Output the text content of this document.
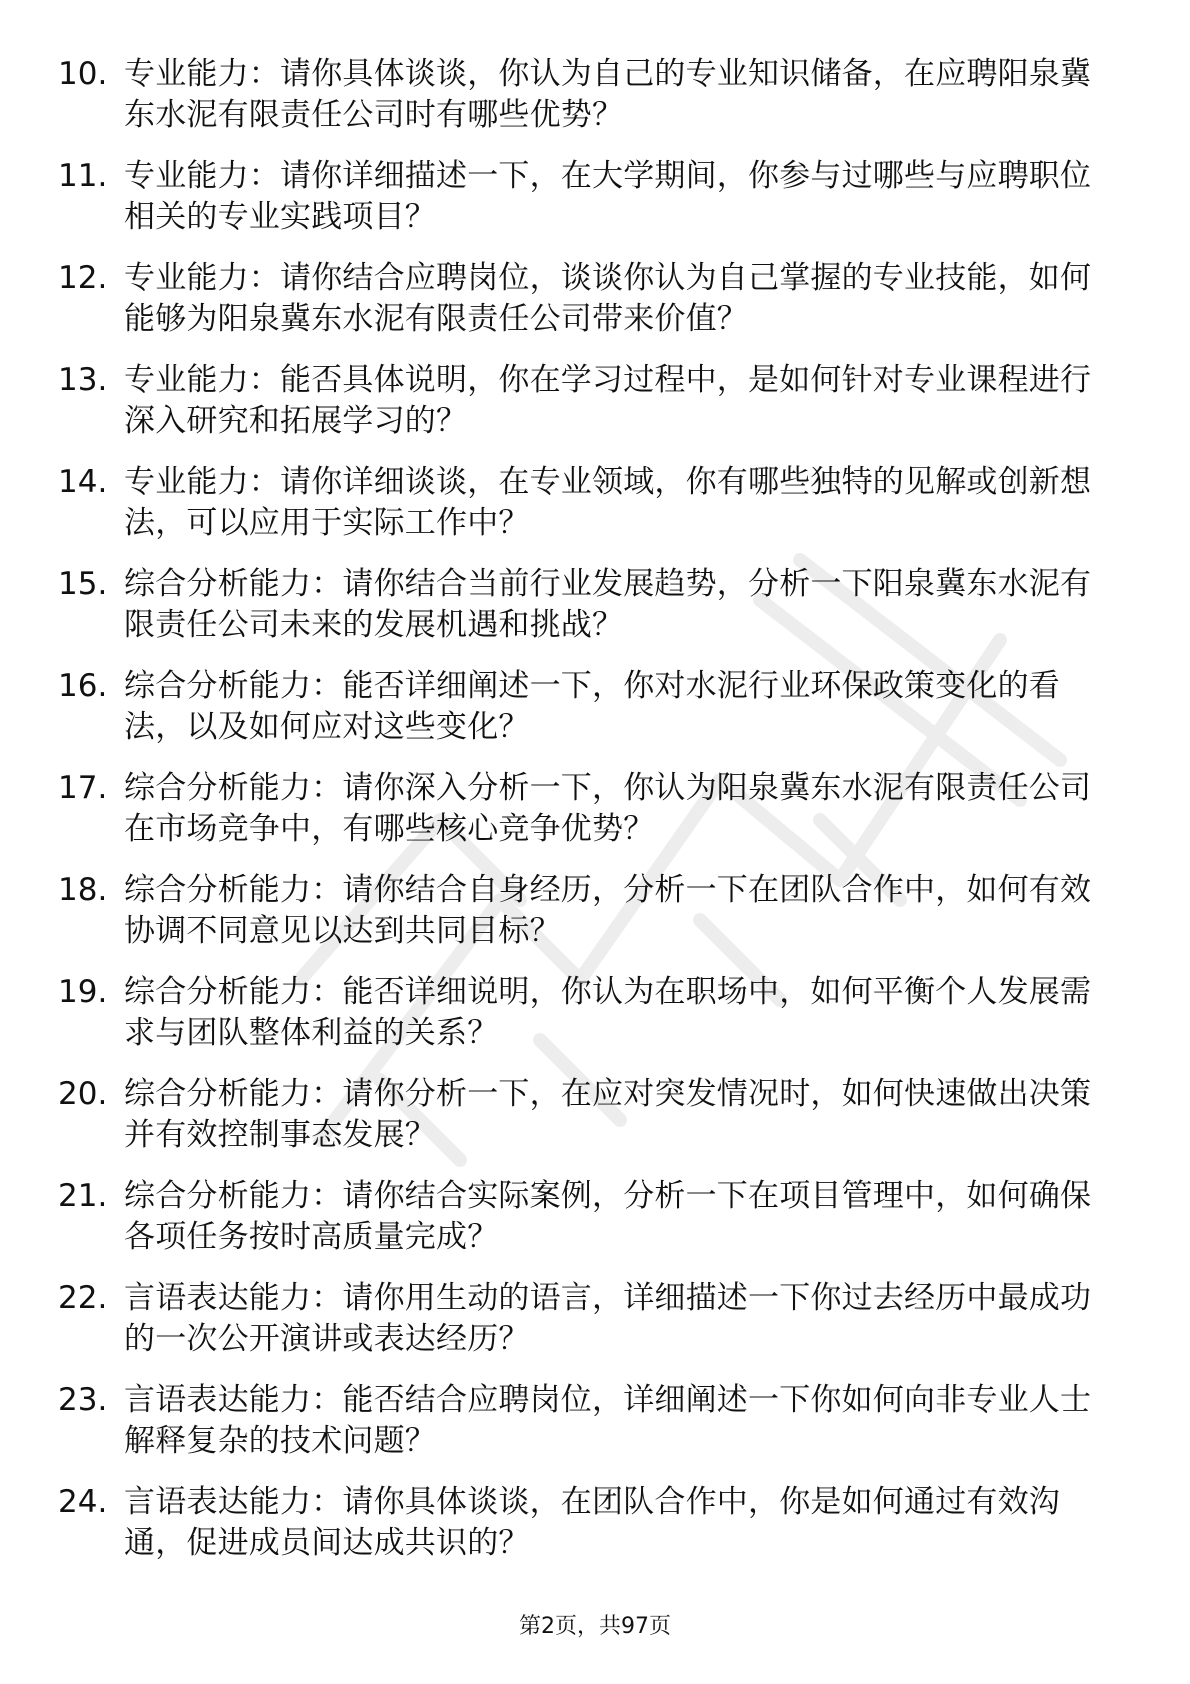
10. 专业能力：请你具体谈谈，你认为自己的专业知识储备，在应聘阳泉冀东水泥有限责任公司时有哪些优势？
11. 专业能力：请你详细描述一下，在大学期间，你参与过哪些与应聘职位相关的专业实践项目？
12. 专业能力：请你结合应聘岗位，谈谈你认为自己掌握的专业技能，如何能够为阳泉冀东水泥有限责任公司带来价值？
13. 专业能力：能否具体说明，你在学习过程中，是如何针对专业课程进行深入研究和拓展学习的？
14. 专业能力：请你详细谈谈，在专业领域，你有哪些独特的见解或创新想法，可以应用于实际工作中？
15. 综合分析能力：请你结合当前行业发展趋势，分析一下阳泉冀东水泥有限责任公司未来的发展机遇和挑战？
16. 综合分析能力：能否详细阐述一下，你对水泥行业环保政策变化的看法，以及如何应对这些变化？
17. 综合分析能力：请你深入分析一下，你认为阳泉冀东水泥有限责任公司在市场竞争中，有哪些核心竞争优势？
18. 综合分析能力：请你结合自身经历，分析一下在团队合作中，如何有效协调不同意见以达到共同目标？
19. 综合分析能力：能否详细说明，你认为在职场中，如何平衡个人发展需求与团队整体利益的关系？
20. 综合分析能力：请你分析一下，在应对突发情况时，如何快速做出决策并有效控制事态发展？
21. 综合分析能力：请你结合实际案例，分析一下在项目管理中，如何确保各项任务按时高质量完成？
22. 言语表达能力：请你用生动的语言，详细描述一下你过去经历中最成功的一次公开演讲或表达经历？
23. 言语表达能力：能否结合应聘岗位，详细阐述一下你如何向非专业人士解释复杂的技术问题？
24. 言语表达能力：请你具体谈谈，在团队合作中，你是如何通过有效沟通，促进成员间达成共识的？
第2页，共97页
